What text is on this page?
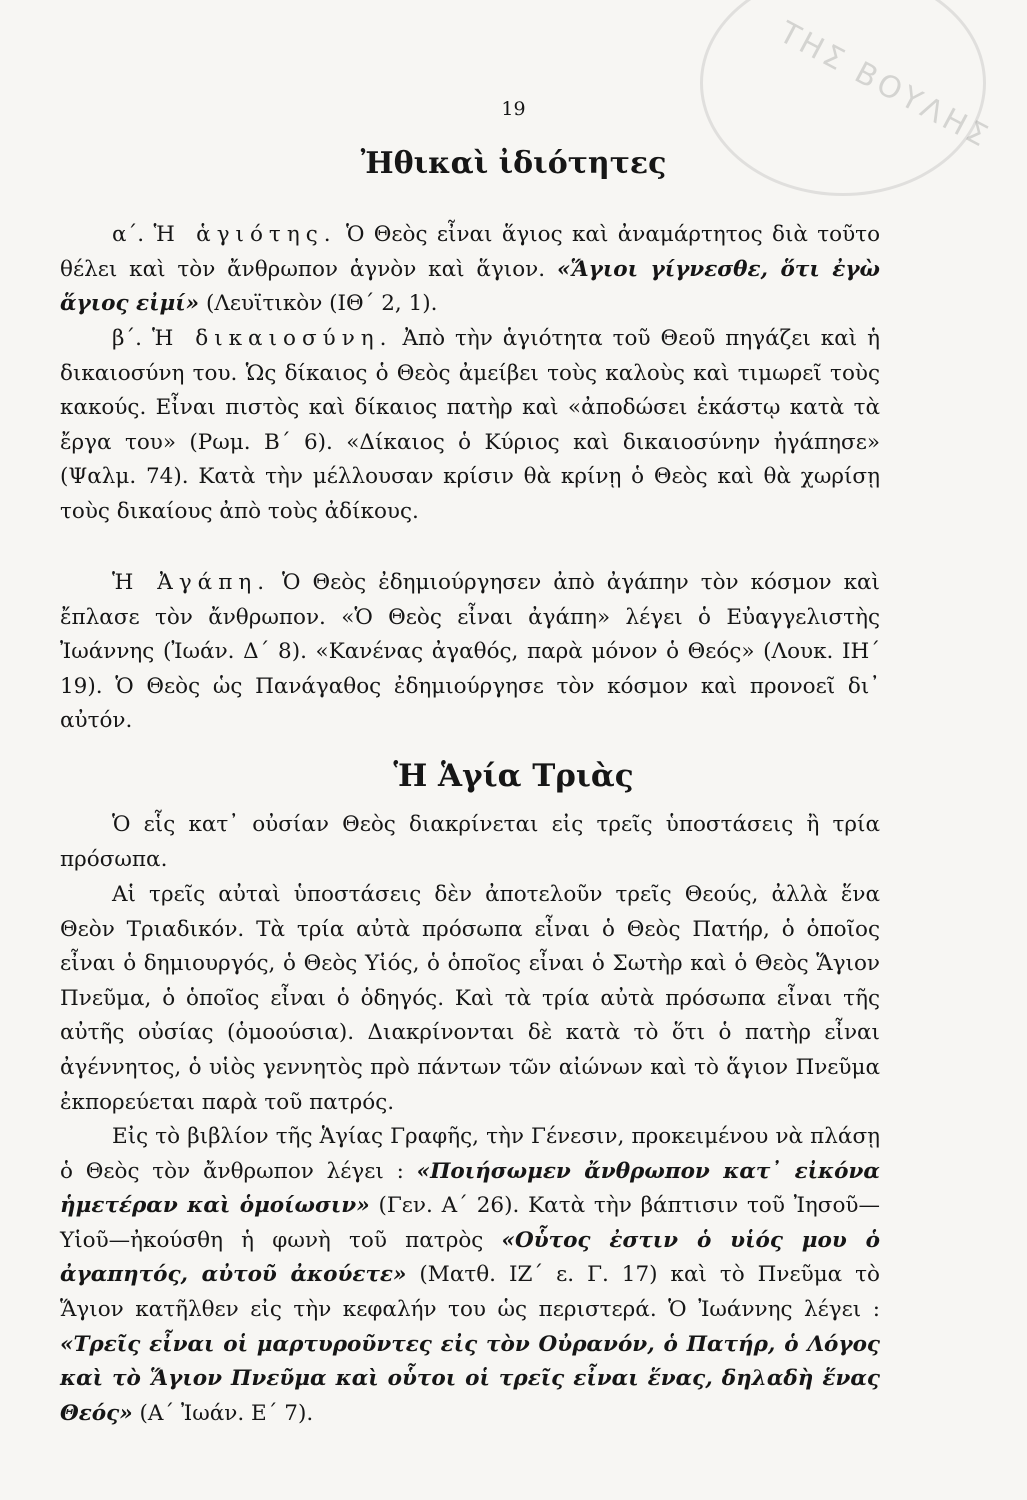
ΤΗΣ ΒΟΥΛΗΣ
19
Ἠθικαὶ ἰδιότητες
α΄. Ἡ ἁγιότης. Ὁ Θεὸς εἶναι ἅγιος καὶ ἀναμάρτητος διὰ τοῦτο θέλει καὶ τὸν ἄνθρωπον ἁγνὸν καὶ ἅγιον. «Ἅγιοι γίγνεσθε, ὅτι ἐγὼ ἅγιος εἰμί» (Λευϊτικὸν (ΙΘ΄ 2, 1).
β΄. Ἡ δικαιοσύνη. Ἀπὸ τὴν ἁγιότητα τοῦ Θεοῦ πηγάζει καὶ ἡ δικαιοσύνη του. Ὡς δίκαιος ὁ Θεὸς ἀμείβει τοὺς καλοὺς καὶ τιμωρεῖ τοὺς κακούς. Εἶναι πιστὸς καὶ δίκαιος πατὴρ καὶ «ἀποδώσει ἑκάστῳ κατὰ τὰ ἔργα του» (Ρωμ. Β΄ 6). «Δίκαιος ὁ Κύριος καὶ δικαιοσύνην ἠγάπησε» (Ψαλμ. 74). Κατὰ τὴν μέλλουσαν κρίσιν θὰ κρίνῃ ὁ Θεὸς καὶ θὰ χωρίσῃ τοὺς δικαίους ἀπὸ τοὺς ἀδίκους.
Ἡ Ἀγάπη. Ὁ Θεὸς ἐδημιούργησεν ἀπὸ ἀγάπην τὸν κόσμον καὶ ἔπλασε τὸν ἄνθρωπον. «Ὁ Θεὸς εἶναι ἀγάπη» λέγει ὁ Εὐαγγελιστὴς Ἰωάννης (Ἰωάν. Δ΄ 8). «Κανένας ἀγαθός, παρὰ μόνον ὁ Θεός» (Λουκ. ΙΗ΄ 19). Ὁ Θεὸς ὡς Πανάγαθος ἐδημιούργησε τὸν κόσμον καὶ προνοεῖ δι᾽ αὐτόν.
Ἡ Ἁγία Τριὰς
Ὁ εἷς κατ᾽ οὐσίαν Θεὸς διακρίνεται εἰς τρεῖς ὑποστάσεις ἢ τρία πρόσωπα.
Αἱ τρεῖς αὐταὶ ὑποστάσεις δὲν ἀποτελοῦν τρεῖς Θεούς, ἀλλὰ ἕνα Θεὸν Τριαδικόν. Τὰ τρία αὐτὰ πρόσωπα εἶναι ὁ Θεὸς Πατήρ, ὁ ὁποῖος εἶναι ὁ δημιουργός, ὁ Θεὸς Υἱός, ὁ ὁποῖος εἶναι ὁ Σωτὴρ καὶ ὁ Θεὸς Ἅγιον Πνεῦμα, ὁ ὁποῖος εἶναι ὁ ὁδηγός. Καὶ τὰ τρία αὐτὰ πρόσωπα εἶναι τῆς αὐτῆς οὐσίας (ὁμοούσια). Διακρίνονται δὲ κατὰ τὸ ὅτι ὁ πατὴρ εἶναι ἀγέννητος, ὁ υἱὸς γεννητὸς πρὸ πάντων τῶν αἰώνων καὶ τὸ ἅγιον Πνεῦμα ἐκπορεύεται παρὰ τοῦ πατρός.
Εἰς τὸ βιβλίον τῆς Ἁγίας Γραφῆς, τὴν Γένεσιν, προκειμένου νὰ πλάσῃ ὁ Θεὸς τὸν ἄνθρωπον λέγει : «Ποιήσωμεν ἄνθρωπον κατ᾽ εἰκόνα ἡμετέραν καὶ ὁμοίωσιν» (Γεν. Α΄ 26). Κατὰ τὴν βάπτισιν τοῦ Ἰησοῦ—Υἱοῦ—ἠκούσθη ἡ φωνὴ τοῦ πατρὸς «Οὗτος ἐστιν ὁ υἱός μου ὁ ἀγαπητός, αὐτοῦ ἀκούετε» (Ματθ. ΙΖ΄ ε. Γ. 17) καὶ τὸ Πνεῦμα τὸ Ἅγιον κατῆλθεν εἰς τὴν κεφαλήν του ὡς περιστερά. Ὁ Ἰωάννης λέγει : «Τρεῖς εἶναι οἱ μαρτυροῦντες εἰς τὸν Οὐρανόν, ὁ Πατήρ, ὁ Λόγος καὶ τὸ Ἅγιον Πνεῦμα καὶ οὗτοι οἱ τρεῖς εἶναι ἕνας, δηλαδὴ ἕνας Θεός» (Α΄ Ἰωάν. Ε΄ 7).
